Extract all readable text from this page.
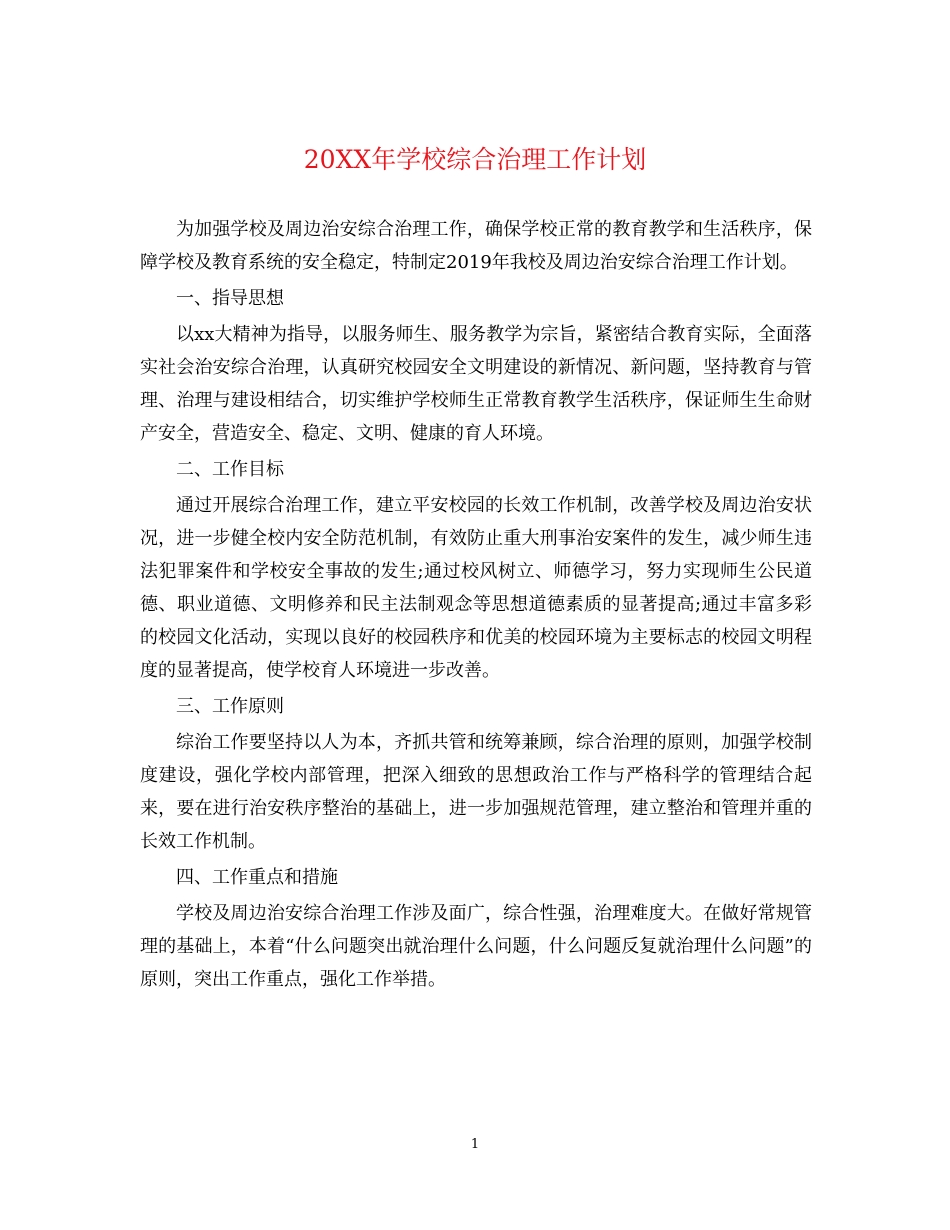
20XX年学校综合治理工作计划

为加强学校及周边治安综合治理工作，确保学校正常的教育教学和生活秩序，保障学校及教育系统的安全稳定，特制定2019年我校及周边治安综合治理工作计划。

一、指导思想

以xx大精神为指导，以服务师生、服务教学为宗旨，紧密结合教育实际，全面落实社会治安综合治理，认真研究校园安全文明建设的新情况、新问题，坚持教育与管理、治理与建设相结合，切实维护学校师生正常教育教学生活秩序，保证师生生命财产安全，营造安全、稳定、文明、健康的育人环境。

二、工作目标

通过开展综合治理工作，建立平安校园的长效工作机制，改善学校及周边治安状况，进一步健全校内安全防范机制，有效防止重大刑事治安案件的发生，减少师生违法犯罪案件和学校安全事故的发生;通过校风树立、师德学习，努力实现师生公民道德、职业道德、文明修养和民主法制观念等思想道德素质的显著提高;通过丰富多彩的校园文化活动，实现以良好的校园秩序和优美的校园环境为主要标志的校园文明程度的显著提高，使学校育人环境进一步改善。

三、工作原则

综治工作要坚持以人为本，齐抓共管和统筹兼顾，综合治理的原则，加强学校制度建设，强化学校内部管理，把深入细致的思想政治工作与严格科学的管理结合起来，要在进行治安秩序整治的基础上，进一步加强规范管理，建立整治和管理并重的长效工作机制。

四、工作重点和措施

学校及周边治安综合治理工作涉及面广，综合性强，治理难度大。在做好常规管理的基础上，本着“什么问题突出就治理什么问题，什么问题反复就治理什么问题”的原则，突出工作重点，强化工作举措。

1
